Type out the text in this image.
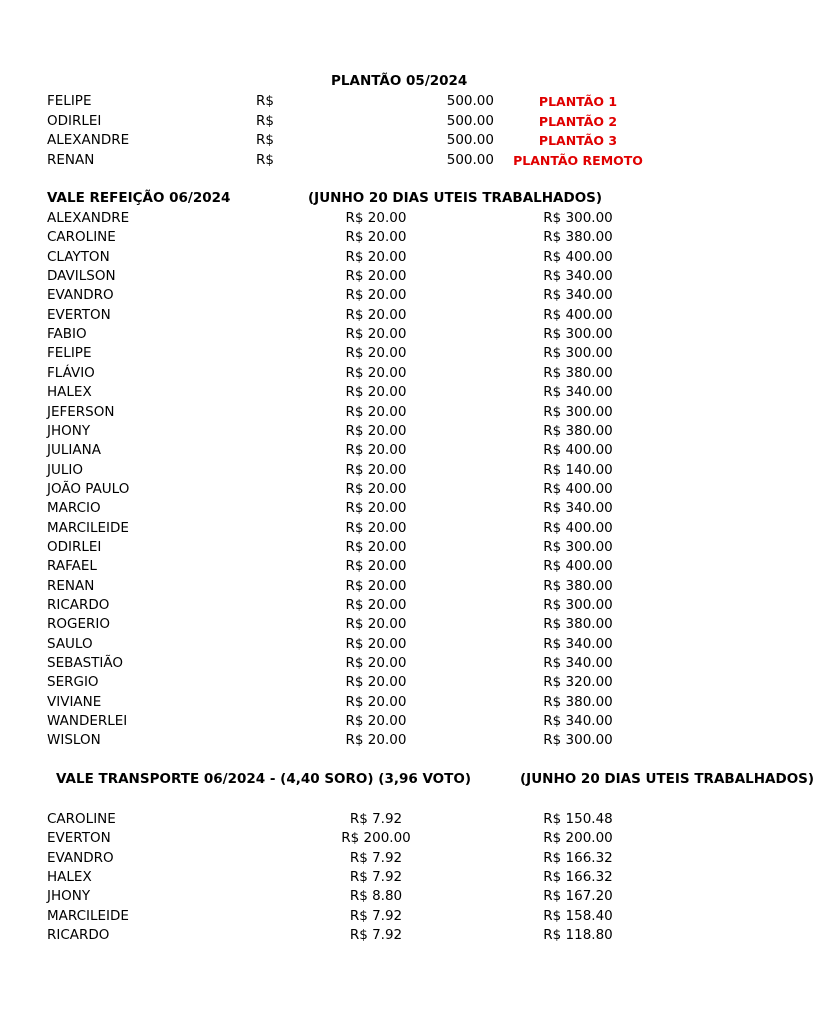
PLANTÃO 05/2024
FELIPE	R$	500.00	PLANTÃO 1
ODIRLEI	R$	500.00	PLANTÃO 2
ALEXANDRE	R$	500.00	PLANTÃO 3
RENAN	R$	500.00	PLANTÃO REMOTO
VALE REFEIÇÃO 06/2024	(JUNHO 20 DIAS UTEIS TRABALHADOS)
ALEXANDRE	R$ 20.00	R$ 300.00
CAROLINE	R$ 20.00	R$ 380.00
CLAYTON	R$ 20.00	R$ 400.00
DAVILSON	R$ 20.00	R$ 340.00
EVANDRO	R$ 20.00	R$ 340.00
EVERTON	R$ 20.00	R$ 400.00
FABIO	R$ 20.00	R$ 300.00
FELIPE	R$ 20.00	R$ 300.00
FLÁVIO	R$ 20.00	R$ 380.00
HALEX	R$ 20.00	R$ 340.00
JEFERSON	R$ 20.00	R$ 300.00
JHONY	R$ 20.00	R$ 380.00
JULIANA	R$ 20.00	R$ 400.00
JULIO	R$ 20.00	R$ 140.00
JOÃO PAULO	R$ 20.00	R$ 400.00
MARCIO	R$ 20.00	R$ 340.00
MARCILEIDE	R$ 20.00	R$ 400.00
ODIRLEI	R$ 20.00	R$ 300.00
RAFAEL	R$ 20.00	R$ 400.00
RENAN	R$ 20.00	R$ 380.00
RICARDO	R$ 20.00	R$ 300.00
ROGERIO	R$ 20.00	R$ 380.00
SAULO	R$ 20.00	R$ 340.00
SEBASTIÃO	R$ 20.00	R$ 340.00
SERGIO	R$ 20.00	R$ 320.00
VIVIANE	R$ 20.00	R$ 380.00
WANDERLEI	R$ 20.00	R$ 340.00
WISLON	R$ 20.00	R$ 300.00
VALE TRANSPORTE 06/2024 - (4,40 SORO) (3,96 VOTO)	(JUNHO 20 DIAS UTEIS TRABALHADOS)
CAROLINE	R$ 7.92	R$ 150.48
EVERTON	R$ 200.00	R$ 200.00
EVANDRO	R$ 7.92	R$ 166.32
HALEX	R$ 7.92	R$ 166.32
JHONY	R$ 8.80	R$ 167.20
MARCILEIDE	R$ 7.92	R$ 158.40
RICARDO	R$ 7.92	R$ 118.80
